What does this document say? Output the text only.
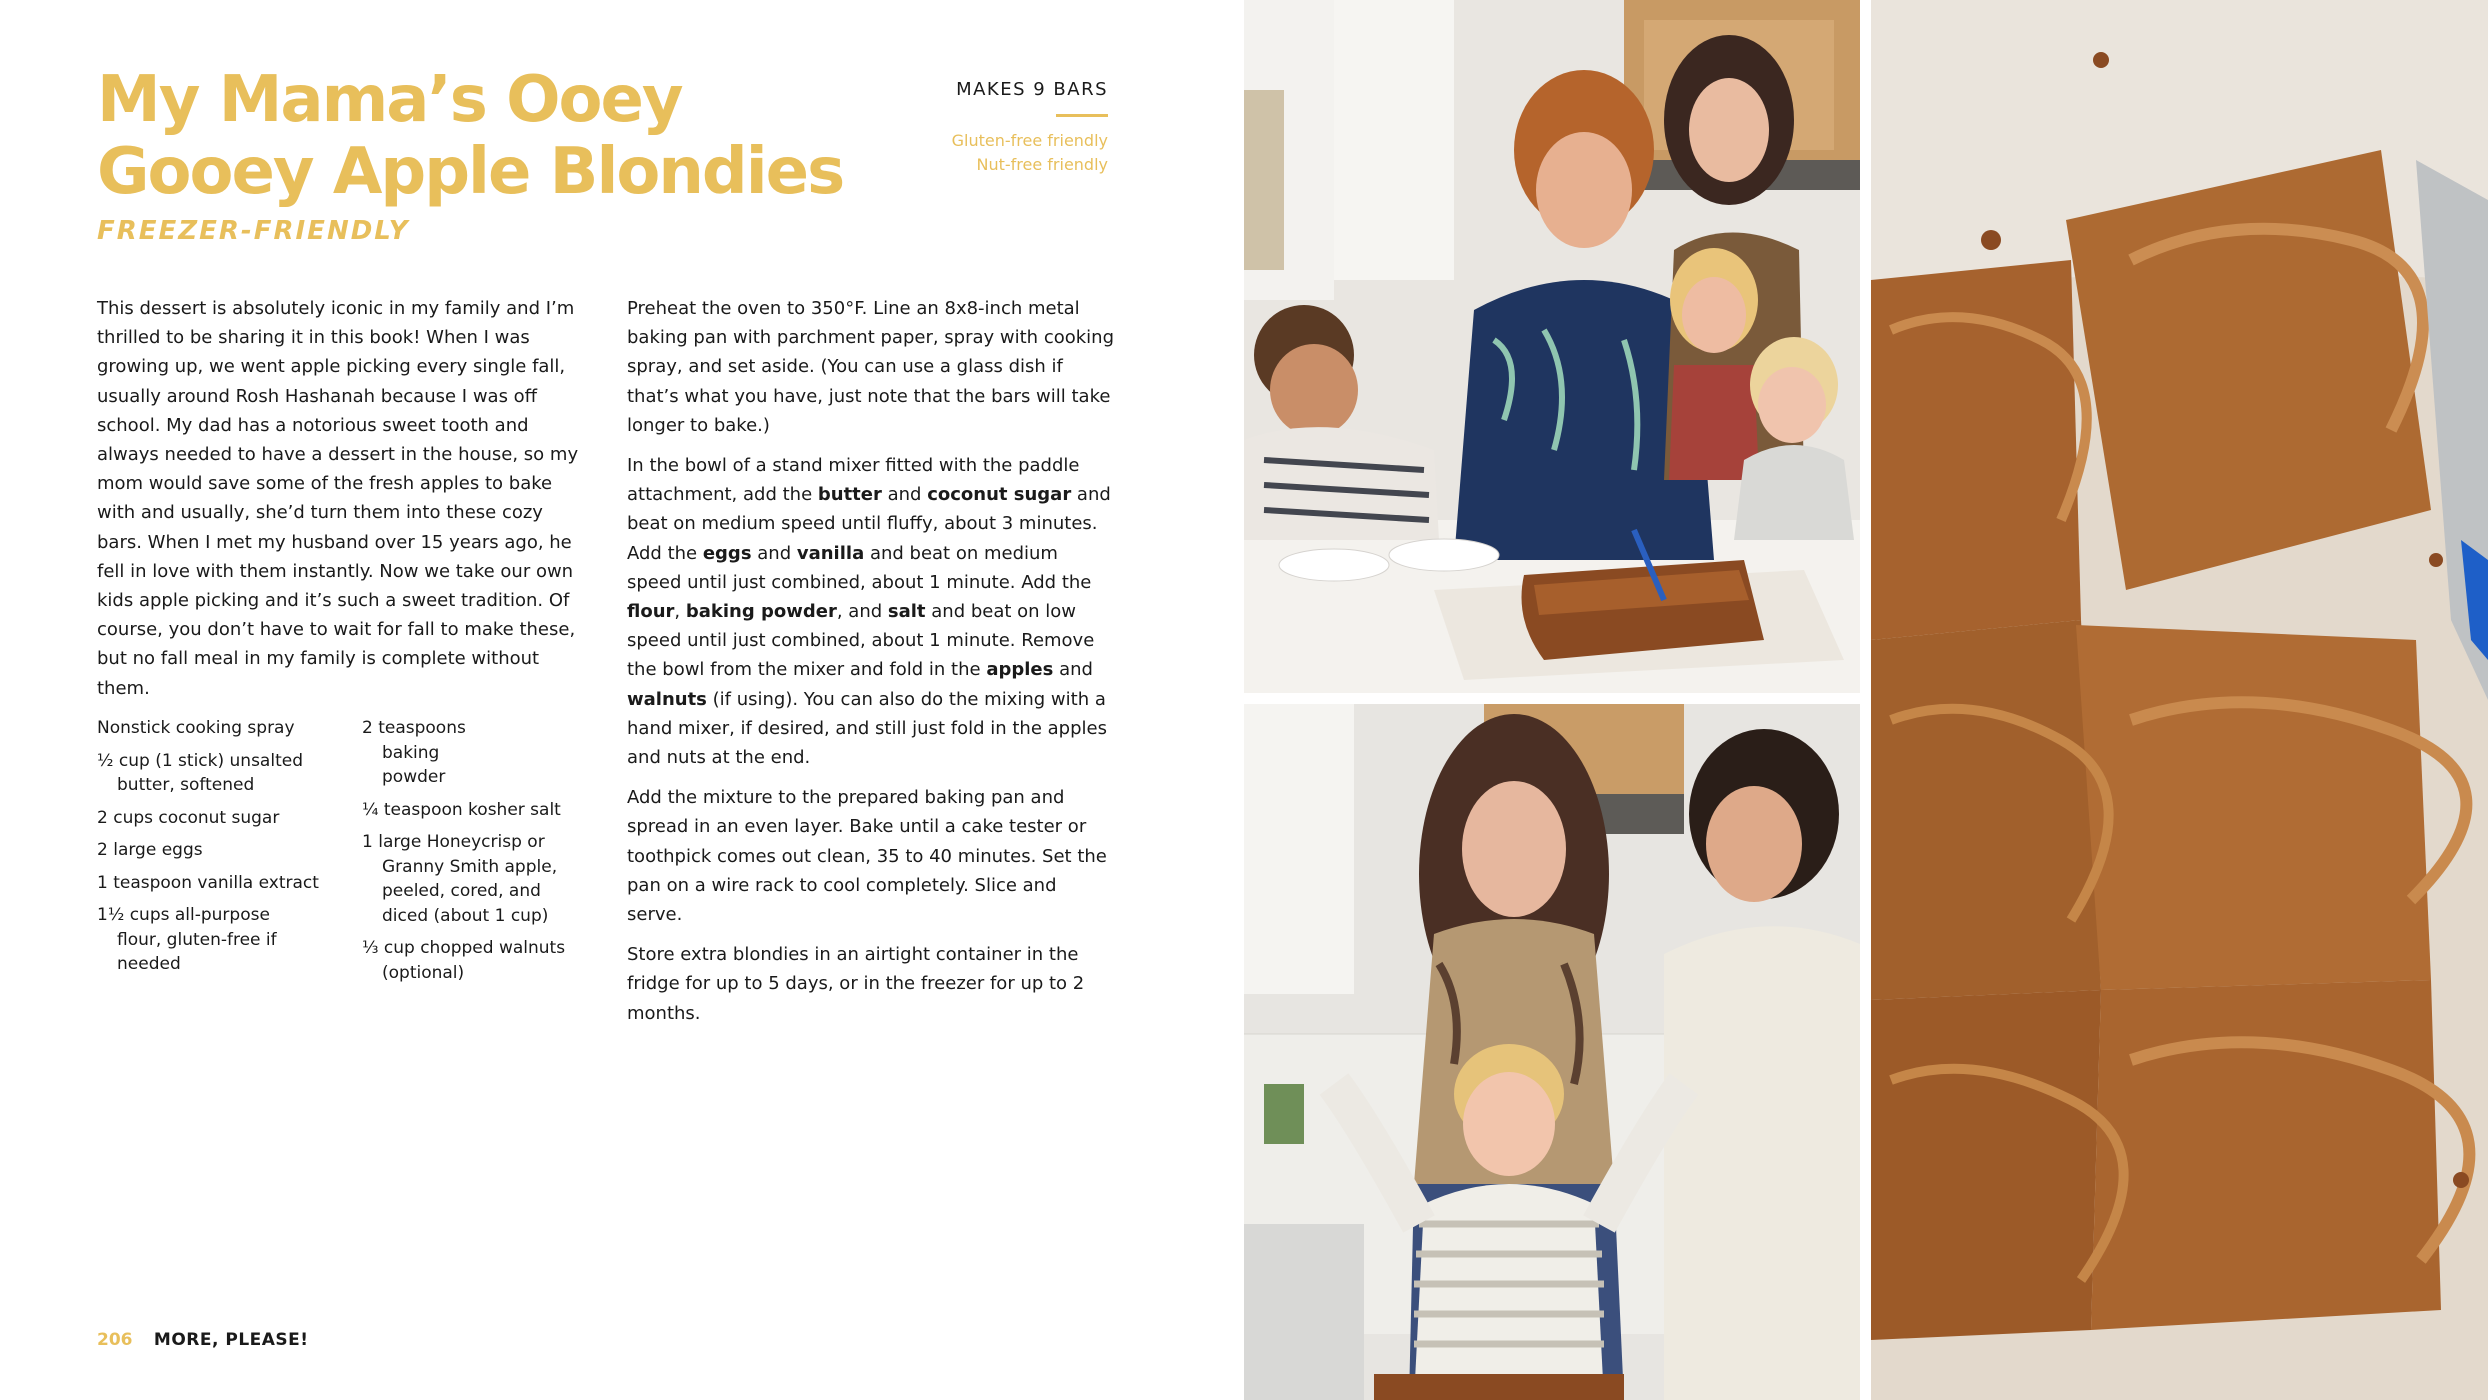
My Mama’s Ooey
Gooey Apple Blondies
FREEZER-FRIENDLY
MAKES 9 BARS
Gluten-free friendly
Nut-free friendly

This dessert is absolutely iconic in my family and I’m thrilled to be sharing it in this book! When I was growing up, we went apple picking every single fall, usually around Rosh Hashanah because I was off school. My dad has a notorious sweet tooth and always needed to have a dessert in the house, so my mom would save some of the fresh apples to bake with and usually, she’d turn them into these cozy bars. When I met my husband over 15 years ago, he fell in love with them instantly. Now we take our own kids apple picking and it’s such a sweet tradition. Of course, you don’t have to wait for fall to make these, but no fall meal in my family is complete without them.

Nonstick cooking spray
½ cup (1 stick) unsalted butter, softened
2 cups coconut sugar
2 large eggs
1 teaspoon vanilla extract
1½ cups all-purpose flour, gluten-free if needed
2 teaspoons baking powder
¼ teaspoon kosher salt
1 large Honeycrisp or Granny Smith apple, peeled, cored, and diced (about 1 cup)
⅓ cup chopped walnuts (optional)

Preheat the oven to 350°F. Line an 8x8-inch metal baking pan with parchment paper, spray with cooking spray, and set aside. (You can use a glass dish if that’s what you have, just note that the bars will take longer to bake.)

In the bowl of a stand mixer fitted with the paddle attachment, add the butter and coconut sugar and beat on medium speed until fluffy, about 3 minutes. Add the eggs and vanilla and beat on medium speed until just combined, about 1 minute. Add the flour, baking powder, and salt and beat on low speed until just combined, about 1 minute. Remove the bowl from the mixer and fold in the apples and walnuts (if using). You can also do the mixing with a hand mixer, if desired, and still just fold in the apples and nuts at the end.

Add the mixture to the prepared baking pan and spread in an even layer. Bake until a cake tester or toothpick comes out clean, 35 to 40 minutes. Set the pan on a wire rack to cool completely. Slice and serve.

Store extra blondies in an airtight container in the fridge for up to 5 days, or in the freezer for up to 2 months.

206 MORE, PLEASE!
